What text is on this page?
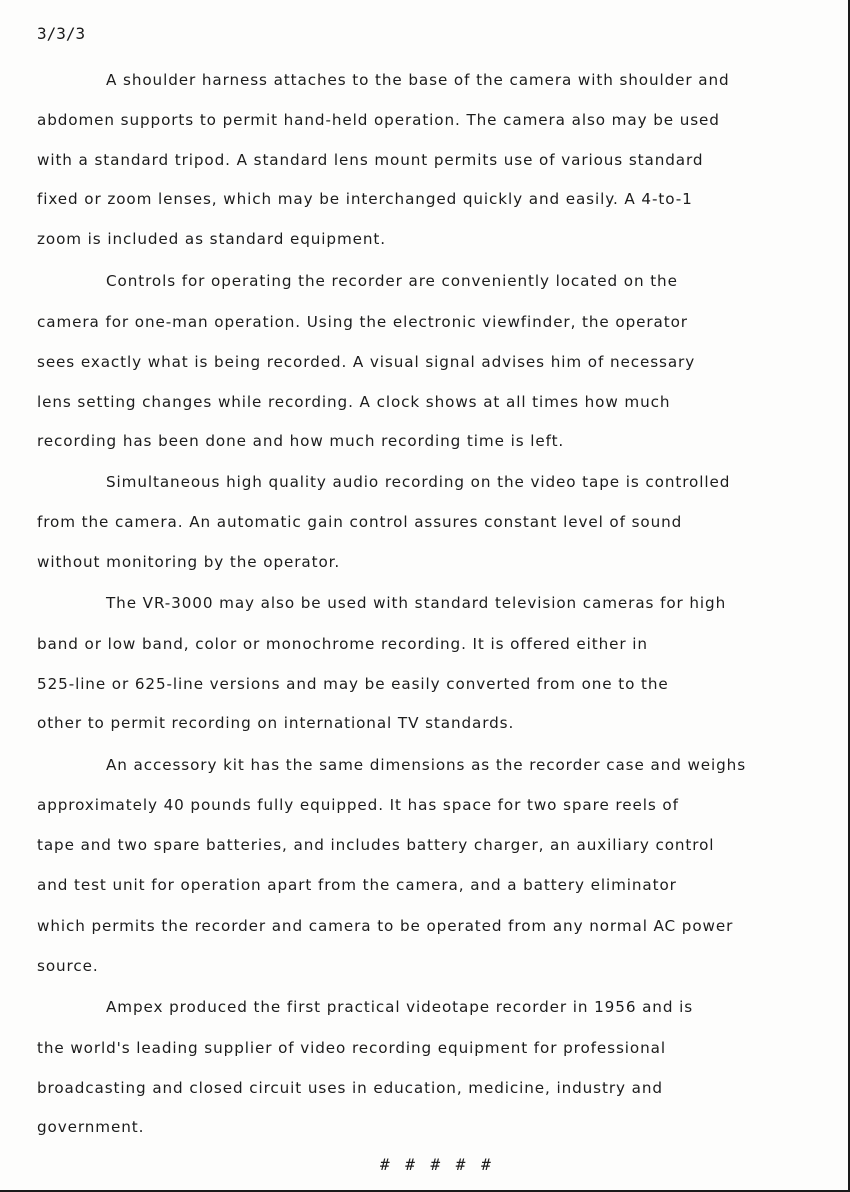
3/3/3
A shoulder harness attaches to the base of the camera with shoulder and
abdomen supports to permit hand-held operation. The camera also may be used
with a standard tripod. A standard lens mount permits use of various standard
fixed or zoom lenses, which may be interchanged quickly and easily. A 4-to-1
zoom is included as standard equipment.
Controls for operating the recorder are conveniently located on the
camera for one-man operation. Using the electronic viewfinder, the operator
sees exactly what is being recorded. A visual signal advises him of necessary
lens setting changes while recording. A clock shows at all times how much
recording has been done and how much recording time is left.
Simultaneous high quality audio recording on the video tape is controlled
from the camera. An automatic gain control assures constant level of sound
without monitoring by the operator.
The VR-3000 may also be used with standard television cameras for high
band or low band, color or monochrome recording. It is offered either in
525-line or 625-line versions and may be easily converted from one to the
other to permit recording on international TV standards.
An accessory kit has the same dimensions as the recorder case and weighs
approximately 40 pounds fully equipped. It has space for two spare reels of
tape and two spare batteries, and includes battery charger, an auxiliary control
and test unit for operation apart from the camera, and a battery eliminator
which permits the recorder and camera to be operated from any normal AC power
source.
Ampex produced the first practical videotape recorder in 1956 and is
the world's leading supplier of video recording equipment for professional
broadcasting and closed circuit uses in education, medicine, industry and
government.
# # # # #
